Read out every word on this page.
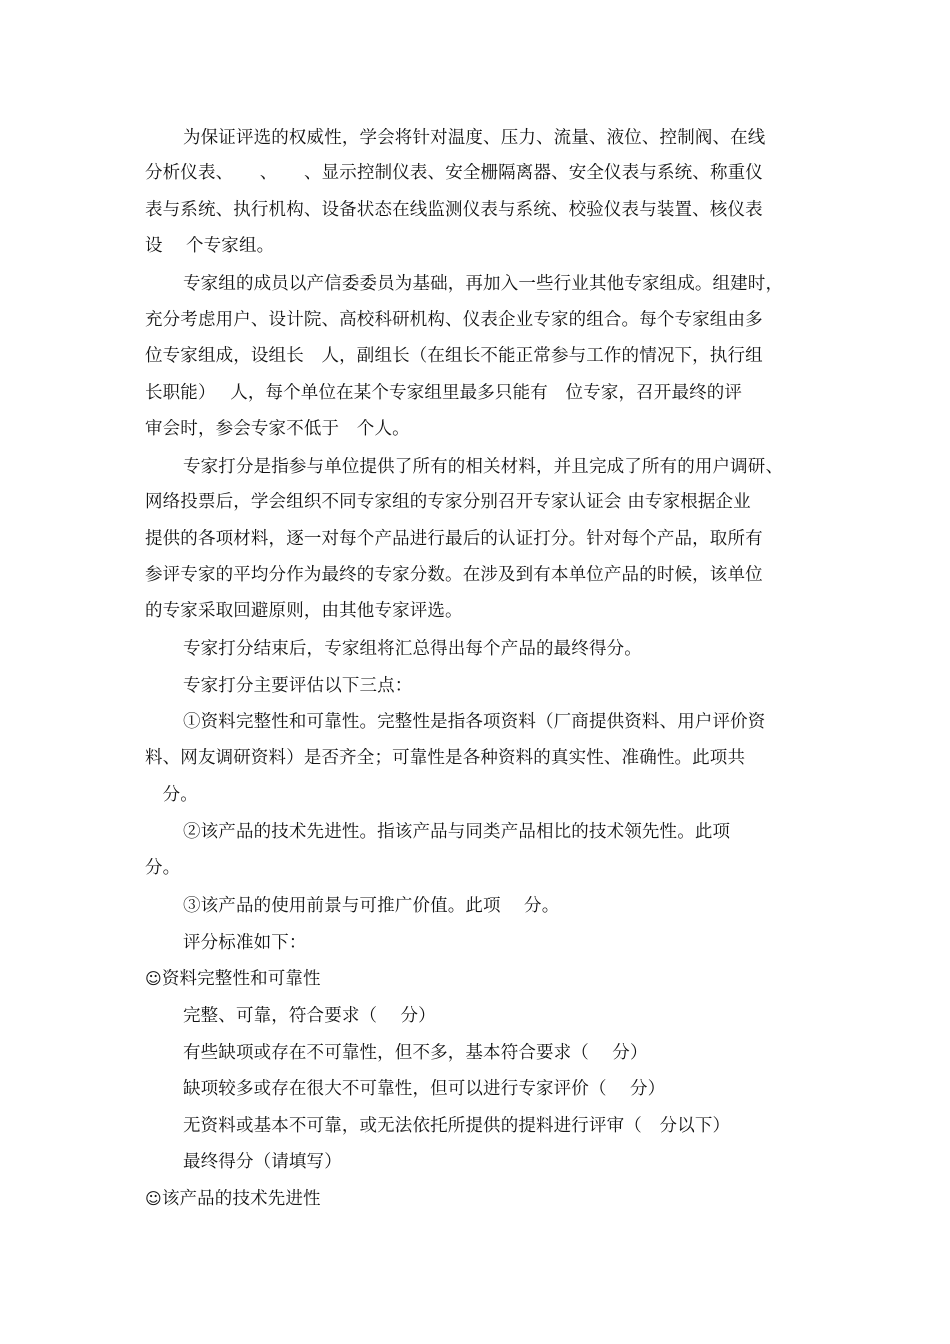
为保证评选的权威性，学会将针对温度、压力、流量、液位、控制阀、在线
分析仪表、　　、　　、显示控制仪表、安全栅隔离器、安全仪表与系统、称重仪
表与系统、执行机构、设备状态在线监测仪表与系统、校验仪表与装置、核仪表
设　 个专家组。
专家组的成员以产信委委员为基础，再加入一些行业其他专家组成。组建时，
充分考虑用户、设计院、高校科研机构、仪表企业专家的组合。每个专家组由多
位专家组成，设组长　人，副组长（在组长不能正常参与工作的情况下，执行组
长职能）　 人，每个单位在某个专家组里最多只能有　位专家，召开最终的评
审会时，参会专家不低于　个人。
专家打分是指参与单位提供了所有的相关材料，并且完成了所有的用户调研、
网络投票后，学会组织不同专家组的专家分别召开专家认证会 由专家根据企业
提供的各项材料，逐一对每个产品进行最后的认证打分。针对每个产品，取所有
参评专家的平均分作为最终的专家分数。在涉及到有本单位产品的时候，该单位
的专家采取回避原则，由其他专家评选。
专家打分结束后，专家组将汇总得出每个产品的最终得分。
专家打分主要评估以下三点：
①资料完整性和可靠性。完整性是指各项资料（厂商提供资料、用户评价资
料、网友调研资料）是否齐全；可靠性是各种资料的真实性、准确性。此项共
　分。
②该产品的技术先进性。指该产品与同类产品相比的技术领先性。此项
分。
③该产品的使用前景与可推广价值。此项　 分。
评分标准如下：
☺资料完整性和可靠性
完整、可靠，符合要求（　 分）
有些缺项或存在不可靠性，但不多，基本符合要求（　 分）
缺项较多或存在很大不可靠性，但可以进行专家评价（　 分）
无资料或基本不可靠，或无法依托所提供的提料进行评审（　分以下）
最终得分（请填写）
☺该产品的技术先进性
